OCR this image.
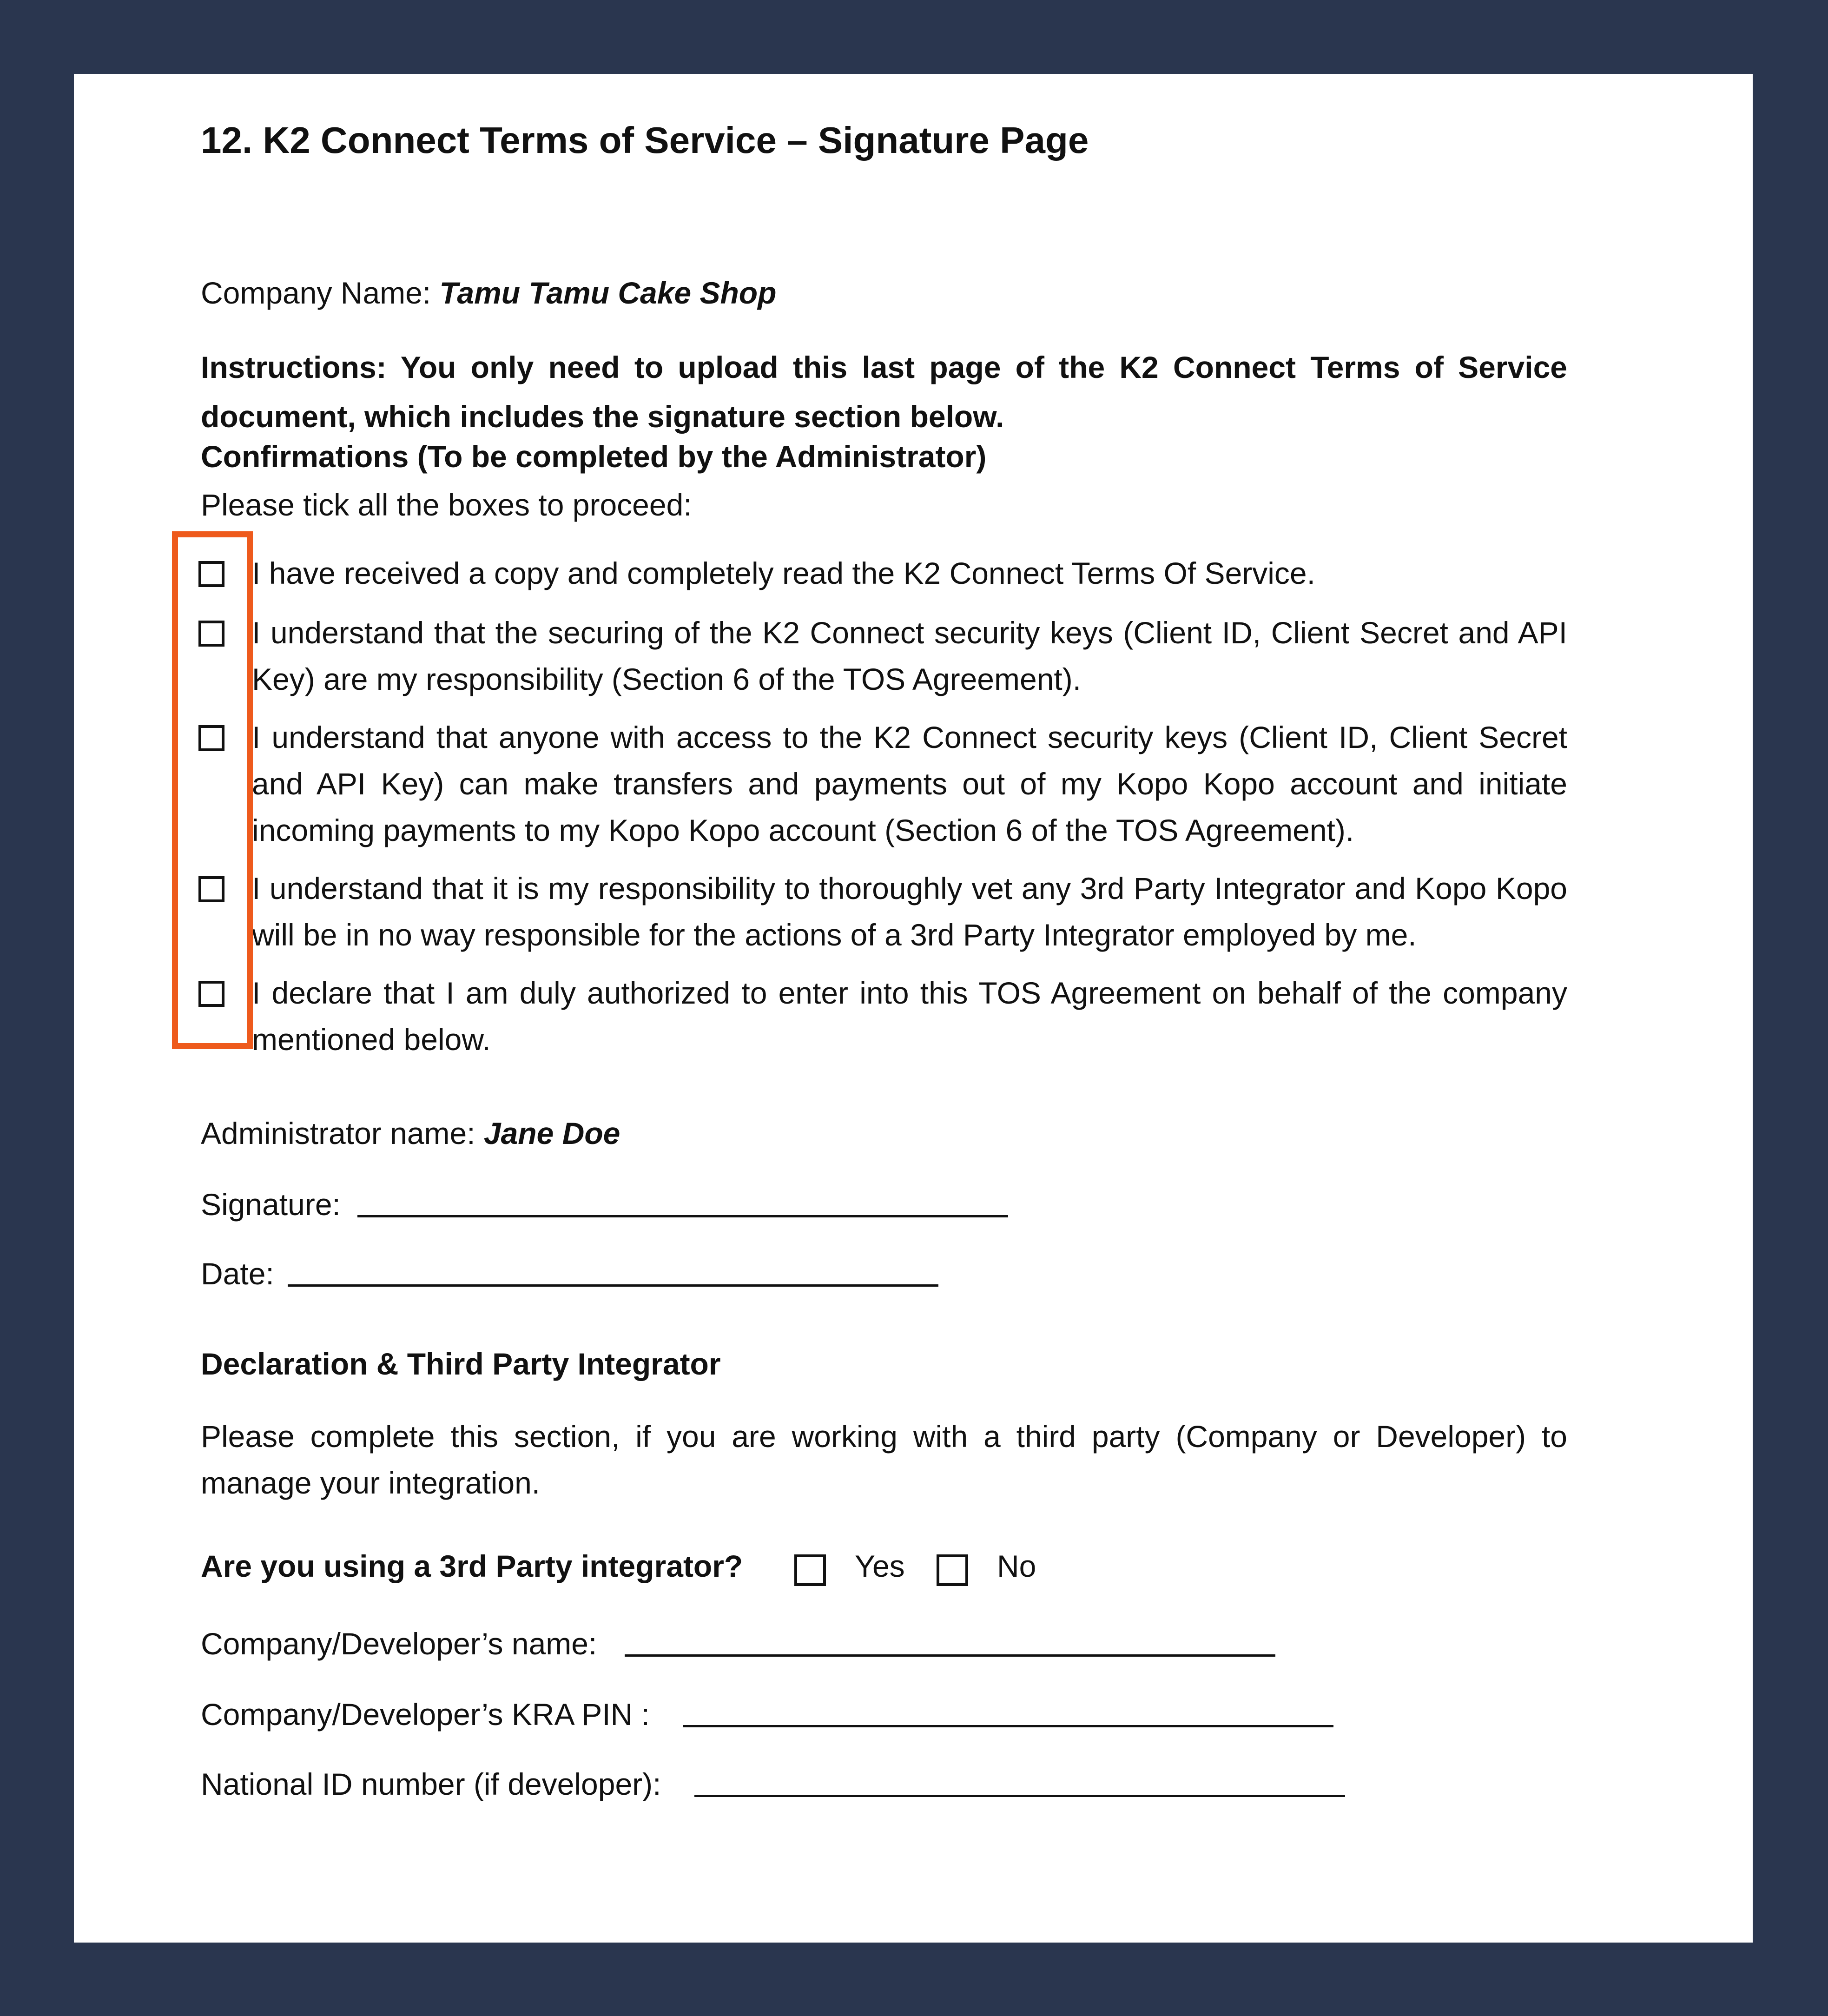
12. K2 Connect Terms of Service – Signature Page
Company Name: Tamu Tamu Cake Shop
Instructions: You only need to upload this last page of the K2 Connect Terms of Service document, which includes the signature section below.
Confirmations (To be completed by the Administrator)
Please tick all the boxes to proceed:
I have received a copy and completely read the K2 Connect Terms Of Service.
I understand that the securing of the K2 Connect security keys (Client ID, Client Secret and API Key) are my responsibility (Section 6 of the TOS Agreement).
I understand that anyone with access to the K2 Connect security keys (Client ID, Client Secret and API Key) can make transfers and payments out of my Kopo Kopo account and initiate incoming payments to my Kopo Kopo account (Section 6 of the TOS Agreement).
I understand that it is my responsibility to thoroughly vet any 3rd Party Integrator and Kopo Kopo will be in no way responsible for the actions of a 3rd Party Integrator employed by me.
I declare that I am duly authorized to enter into this TOS Agreement on behalf of the company mentioned below.
Administrator name: Jane Doe
Signature:
Date:
Declaration & Third Party Integrator
Please complete this section, if you are working with a third party (Company or Developer) to manage your integration.
Are you using a 3rd Party integrator?	Yes	No
Company/Developer’s name:
Company/Developer’s KRA PIN :
National ID number (if developer):
